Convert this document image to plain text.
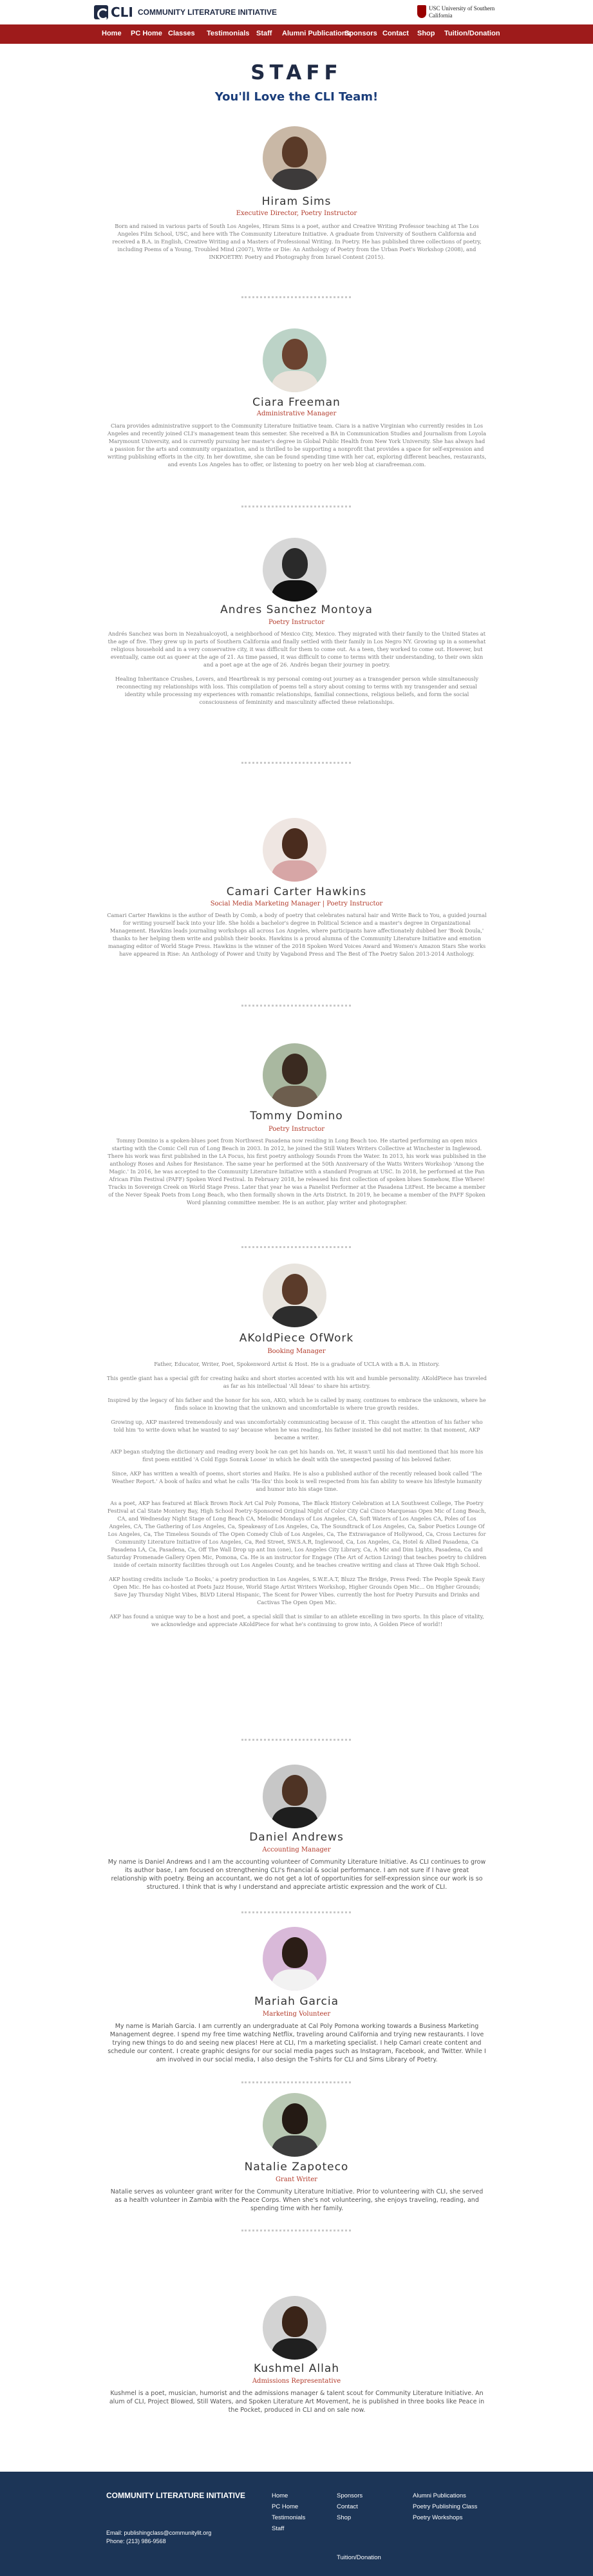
CLI COMMUNITY LITERATURE INITIATIVE	USC University of Southern California
Home PC Home Classes Testimonials Staff Alumni Publications
Sponsors Contact Shop Tuition/Donation
STAFF
You'll Love the CLI Team!
Hiram Sims
Executive Director, Poetry Instructor

Born and raised in various parts of South Los Angeles, Hiram Sims is a poet, author and Creative Writing Professor teaching at The Los Angeles Film School, USC, and here with The Community Literature Initiative. A graduate from University of Southern California and received a B.A. in English, Creative Writing and a Masters of Professional Writing. In Poetry. He has published three collections of poetry, including Poems of a Young, Troubled Mind (2007), Write or Die: An Anthology of Poetry from the Urban Poet's Workshop (2008), and INKPOETRY: Poetry and Photography from Israel Content (2015).

Ciara Freeman
Administrative Manager

Ciara provides administrative support to the Community Literature Initiative team. Ciara is a native Virginian who currently resides in Los Angeles and recently joined CLI's management team this semester. She received a BA in Communication Studies and Journalism from Loyola Marymount University, and is currently pursuing her master's degree in Global Public Health from New York University. She has always had a passion for the arts and community organization, and is thrilled to be supporting a nonprofit that provides a space for self-expression and writing publishing efforts in the city. In her downtime, she can be found spending time with her cat, exploring different beaches, restaurants, and events Los Angeles has to offer, or listening to poetry on her web blog at ciarafreeman.com.

Andres Sanchez Montoya
Poetry Instructor

Andrés Sanchez was born in Nezahualcoyotl, a neighborhood of Mexico City, Mexico. They migrated with their family to the United States at the age of five. They grew up in parts of Southern California and finally settled with their family in Los Negro NY. Growing up in a somewhat religious household and in a very conservative city, it was difficult for them to come out. As a teen, they worked to come out. However, but eventually, came out as queer at the age of 21. As time passed, it was difficult to come to terms with their understanding, to their own skin and a poet age at the age of 26. Andrés began their journey in poetry.

Healing Inheritance Crushes, Lovers, and Heartbreak is my personal coming-out journey as a transgender person while simultaneously reconnecting my relationships with loss. This compilation of poems tell a story about coming to terms with my transgender and sexual identity while processing my experiences with romantic relationships, familial connections, religious beliefs, and form the social consciousness of femininity and masculinity affected these relationships.

Camari Carter Hawkins
Social Media Marketing Manager | Poetry Instructor

Camari Carter Hawkins is the author of Death by Comb, a body of poetry that celebrates natural hair and Write Back to You, a guided journal for writing yourself back into your life. She holds a bachelor's degree in Political Science and a master's degree in Organizational Management. Hawkins leads journaling workshops all across Los Angeles, where participants have affectionately dubbed her 'Book Doula,' thanks to her helping them write and publish their books. Hawkins is a proud alumna of the Community Literature Initiative and emotion managing editor of World Stage Press. Hawkins is the winner of the 2018 Spoken Word Voices Award and Women's Amazon Stars She works have appeared in Rise: An Anthology of Power and Unity by Vagabond Press and The Best of The Poetry Salon 2013-2014 Anthology.

Tommy Domino
Poetry Instructor

Tommy Domino is a spoken-blues poet from Northwest Pasadena now residing in Long Beach too. He started performing an open mics starting with the Comic Cell run of Long Beach in 2003. In 2012, he joined the Still Waters Writers Collective at Winchester in Inglewood. There his work was first published in the LA Focus, his first poetry anthology Sounds From the Water. In 2013, his work was published in the anthology Roses and Ashes for Resistance. The same year he performed at the 50th Anniversary of the Watts Writers Workshop 'Among the Magic.' In 2016, he was accepted to the Community Literature Initiative with a standard Program at USC. In 2018, he performed at the Pan African Film Festival (PAFF) Spoken Word Festival. In February 2018, he released his first collection of spoken blues Somehow, Else Where! Tracks in Sovereign Creek on World Stage Press. Later that year he was a Panelist Performer at the Pasadena LitFest. He became a member of the Never Speak Poets from Long Beach, who then formally shown in the Arts District. In 2019, he became a member of the PAFF Spoken Word planning committee member. He is an author, play writer and photographer.

AKoldPiece OfWork
Booking Manager

Father, Educator, Writer, Poet, Spokenword Artist & Host. He is a graduate of UCLA with a B.A. in History.

This gentle giant has a special gift for creating haiku and short stories accented with his wit and humble personality. AKoldPiece has traveled as far as his intellectual 'All Ideas' to share his artistry.

Inspired by the legacy of his father and the honor for his son, AKO, which he is called by many, continues to embrace the unknown, where he finds solace in knowing that the unknown and uncomfortable is where true growth resides.

Growing up, AKP mastered tremendously and was uncomfortably communicating because of it. This caught the attention of his father who told him 'to write down what he wanted to say' because when he was reading, his father insisted he did not matter. In that moment, AKP became a writer.

AKP began studying the dictionary and reading every book he can get his hands on. Yet, it wasn't until his dad mentioned that his more his first poem entitled 'A Cold Eggs Sonrak Loose' in which he dealt with the unexpected passing of his beloved father.

Since, AKP has written a wealth of poems, short stories and Haiku. He is also a published author of the recently released book called 'The Weather Report.' A book of haiku and what he calls 'Ha-Iku' this book is well respected from his fan ability to weave his lifestyle humanity and humor into his stage time.

As a poet, AKP has featured at Black Brown Rock Art Cal Poly Pomona, The Black History Celebration at LA Southwest College, The Poetry Festival at Cal State Montery Bay, High School Poetry-Sponsored Original Night of Color City Cal Cinco Marquesas Open Mic of Long Beach, CA, and Wednesday Night Stage of Long Beach CA, Melodic Mondays of Los Angeles, CA, Soft Waters of Los Angeles CA, Poles of Los Angeles, CA, The Gathering of Los Angeles, Ca, Speakeasy of Los Angeles, Ca, The Soundtrack of Los Angeles, Ca, Sabor Poetics Lounge Of Los Angeles, Ca, The Timeless Sounds of The Open Comedy Club of Los Angeles, Ca, The Extravagance of Hollywood, Ca, Cross Lectures for Community Literature Initiative of Los Angeles, Ca, Red Street, SW.S.A.R, Inglewood, Ca, Los Angeles, Ca, Hotel & Allied Pasadena, Ca Pasadena LA, Ca, Pasadena, Ca, Off The Wall Drop up ant Inn (one), Los Angeles City Library, Ca, A Mic and Dim Lights, Pasadena, Ca and Saturday Promenade Gallery Open Mic, Pomona, Ca. He is an instructor for Engage (The Art of Action Living) that teaches poetry to children inside of certain minority facilities through out Los Angeles County, and he teaches creative writing and class at Three Oak High School.

AKP hosting credits include 'Lo Books,' a poetry production in Los Angeles, S.W.E.A.T, Bluzz The Bridge, Press Feed: The People Speak Easy Open Mic. He has co-hosted at Poets Jazz House, World Stage Artist Writers Workshop, Higher Grounds Open Mic... On Higher Grounds; Save Jay Thursday Night Vibes, BLVD Literal Hispanic, The Scent for Power Vibes. currently the host for Poetry Pursuits and Drinks and Cactivas The Open Open Mic.

AKP has found a unique way to be a host and poet, a special skill that is similar to an athlete excelling in two sports. In this place of vitality, we acknowledge and appreciate AKoldPiece for what he's continuing to grow into, A Golden Piece of world!!

Daniel Andrews
Accounting Manager

My name is Daniel Andrews and I am the accounting volunteer of Community Literature Initiative. As CLI continues to grow its author base, I am focused on strengthening CLI's financial & social performance. I am not sure if I have great relationship with poetry. Being an accountant, we do not get a lot of opportunities for self-expression since our work is so structured. I think that is why I understand and appreciate artistic expression and the work of CLI.

Mariah Garcia
Marketing Volunteer

My name is Mariah Garcia. I am currently an undergraduate at Cal Poly Pomona working towards a Business Marketing Management degree. I spend my free time watching Netflix, traveling around California and trying new restaurants. I love trying new things to do and seeing new places! Here at CLI, I'm a marketing specialist. I help Camari create content and schedule our content. I create graphic designs for our social media pages such as Instagram, Facebook, and Twitter. While I am involved in our social media, I also design the T-shirts for CLI and Sims Library of Poetry.

Natalie Zapoteco
Grant Writer

Natalie serves as volunteer grant writer for the Community Literature Initiative. Prior to volunteering with CLI, she served as a health volunteer in Zambia with the Peace Corps. When she's not volunteering, she enjoys traveling, reading, and spending time with her family.

Kushmel Allah
Admissions Representative

Kushmel is a poet, musician, humorist and the admissions manager & talent scout for Community Literature Initiative. An alum of CLI, Project Blowed, Still Waters, and Spoken Literature Art Movement, he is published in three books like Peace in the Pocket, produced in CLI and on sale now.

COMMUNITY LITERATURE INITIATIVE
Email: publishingclass@communitylit.org
Phone: (213) 986-9568
Home
PC Home
Testimonials
Staff
Sponsors
Contact
Shop
Tuition/Donation
Alumni Publications
Poetry Publishing Class
Poetry Workshops
